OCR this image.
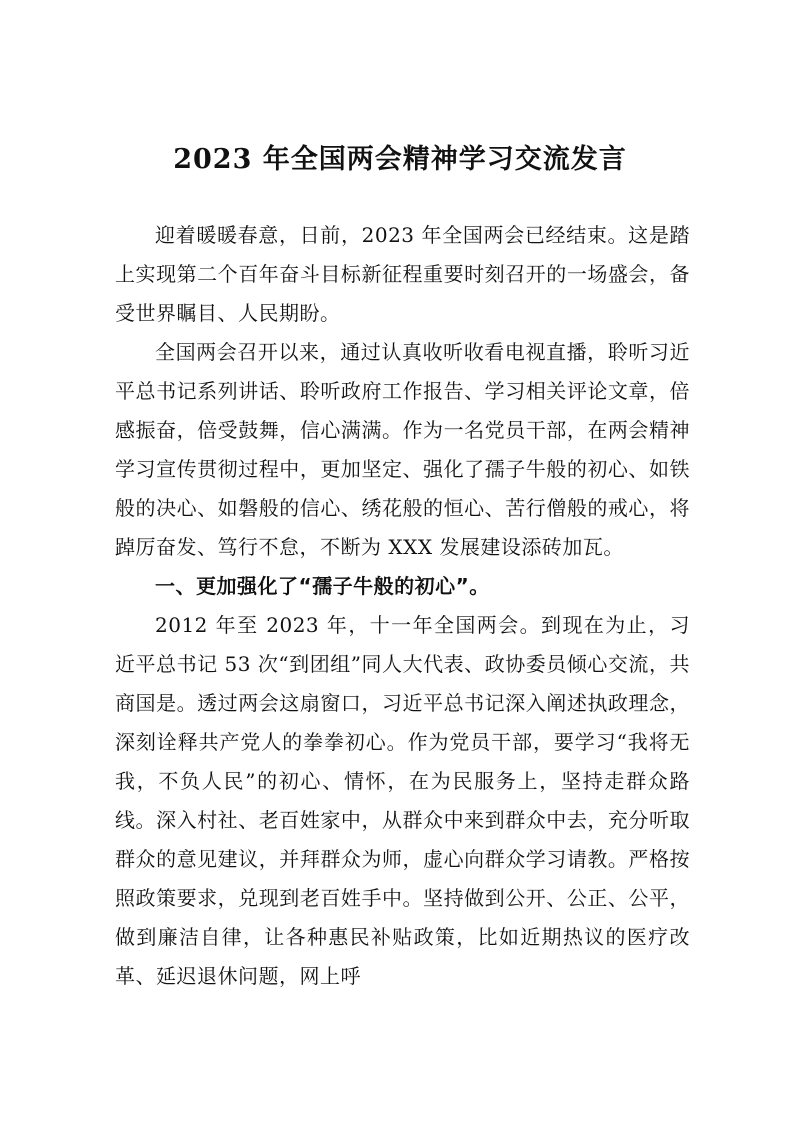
2023 年全国两会精神学习交流发言

迎着暖暖春意，日前，2023 年全国两会已经结束。这是踏上实现第二个百年奋斗目标新征程重要时刻召开的一场盛会，备受世界瞩目、人民期盼。

全国两会召开以来，通过认真收听收看电视直播，聆听习近平总书记系列讲话、聆听政府工作报告、学习相关评论文章，倍感振奋，倍受鼓舞，信心满满。作为一名党员干部，在两会精神学习宣传贯彻过程中，更加坚定、强化了孺子牛般的初心、如铁般的决心、如磐般的信心、绣花般的恒心、苦行僧般的戒心，将踔厉奋发、笃行不怠，不断为 XXX 发展建设添砖加瓦。

一、更加强化了“孺子牛般的初心”。

2012 年至 2023 年，十一年全国两会。到现在为止，习近平总书记 53 次“到团组”同人大代表、政协委员倾心交流，共商国是。透过两会这扇窗口，习近平总书记深入阐述执政理念，深刻诠释共产党人的拳拳初心。作为党员干部，要学习“我将无我，不负人民”的初心、情怀，在为民服务上，坚持走群众路线。深入村社、老百姓家中，从群众中来到群众中去，充分听取群众的意见建议，并拜群众为师，虚心向群众学习请教。严格按照政策要求，兑现到老百姓手中。坚持做到公开、公正、公平，做到廉洁自律，让各种惠民补贴政策，比如近期热议的医疗改革、延迟退休问题，网上呼
